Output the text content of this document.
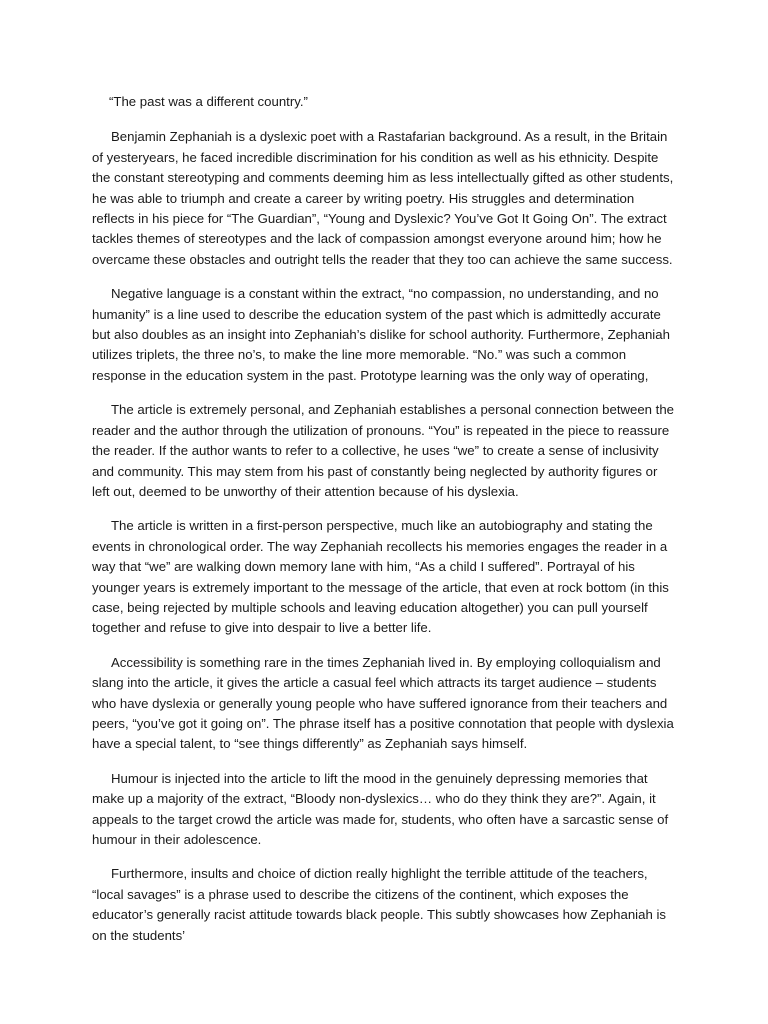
“The past was a different country.”

Benjamin Zephaniah is a dyslexic poet with a Rastafarian background. As a result, in the Britain of yesteryears, he faced incredible discrimination for his condition as well as his ethnicity. Despite the constant stereotyping and comments deeming him as less intellectually gifted as other students, he was able to triumph and create a career by writing poetry. His struggles and determination reflects in his piece for “The Guardian”, “Young and Dyslexic? You’ve Got It Going On”. The extract tackles themes of stereotypes and the lack of compassion amongst everyone around him; how he overcame these obstacles and outright tells the reader that they too can achieve the same success.

Negative language is a constant within the extract, “no compassion, no understanding, and no humanity” is a line used to describe the education system of the past which is admittedly accurate but also doubles as an insight into Zephaniah’s dislike for school authority. Furthermore, Zephaniah utilizes triplets, the three no’s, to make the line more memorable. “No.” was such a common response in the education system in the past. Prototype learning was the only way of operating,

The article is extremely personal, and Zephaniah establishes a personal connection between the reader and the author through the utilization of pronouns. “You” is repeated in the piece to reassure the reader. If the author wants to refer to a collective, he uses “we” to create a sense of inclusivity and community. This may stem from his past of constantly being neglected by authority figures or left out, deemed to be unworthy of their attention because of his dyslexia.

The article is written in a first-person perspective, much like an autobiography and stating the events in chronological order. The way Zephaniah recollects his memories engages the reader in a way that “we” are walking down memory lane with him, “As a child I suffered”. Portrayal of his younger years is extremely important to the message of the article, that even at rock bottom (in this case, being rejected by multiple schools and leaving education altogether) you can pull yourself together and refuse to give into despair to live a better life.

Accessibility is something rare in the times Zephaniah lived in. By employing colloquialism and slang into the article, it gives the article a casual feel which attracts its target audience – students who have dyslexia or generally young people who have suffered ignorance from their teachers and peers, “you’ve got it going on”. The phrase itself has a positive connotation that people with dyslexia have a special talent, to “see things differently” as Zephaniah says himself.

Humour is injected into the article to lift the mood in the genuinely depressing memories that make up a majority of the extract, “Bloody non-dyslexics… who do they think they are?”. Again, it appeals to the target crowd the article was made for, students, who often have a sarcastic sense of humour in their adolescence.

Furthermore, insults and choice of diction really highlight the terrible attitude of the teachers, “local savages” is a phrase used to describe the citizens of the continent, which exposes the educator’s generally racist attitude towards black people. This subtly showcases how Zephaniah is on the students’
